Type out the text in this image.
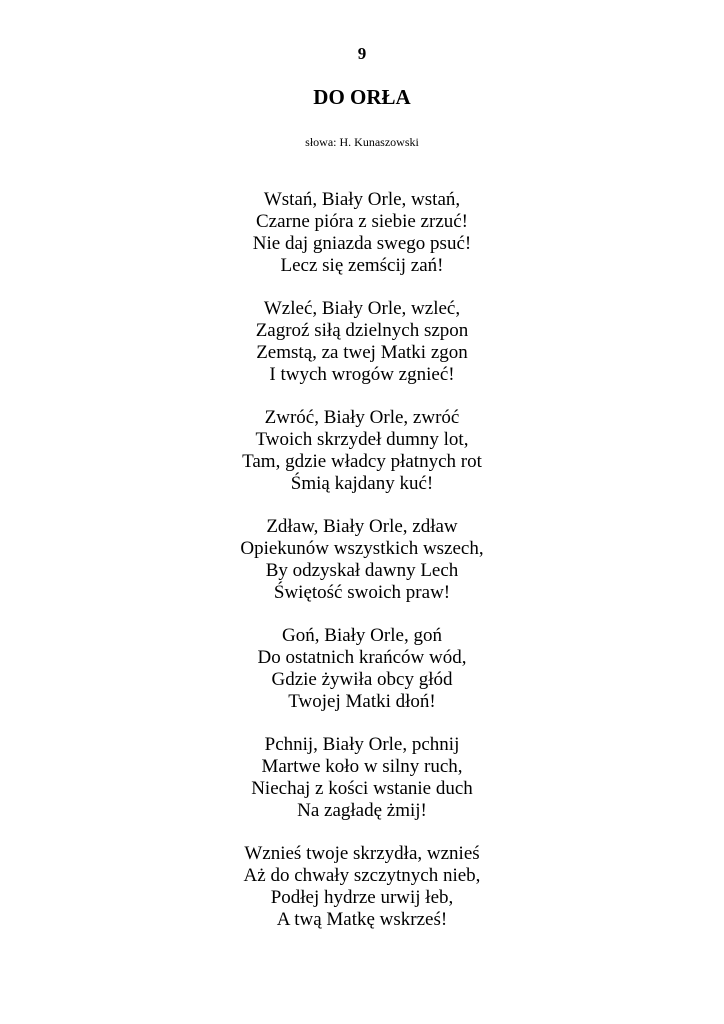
9
DO ORŁA
słowa: H. Kunaszowski
Wstań, Biały Orle, wstań,
Czarne pióra z siebie zrzuć!
Nie daj gniazda swego psuć!
Lecz się zemścij zań!
Wzleć, Biały Orle, wzleć,
Zagroź siłą dzielnych szpon
Zemstą, za twej Matki zgon
I twych wrogów zgnieć!
Zwróć, Biały Orle, zwróć
Twoich skrzydeł dumny lot,
Tam, gdzie władcy płatnych rot
Śmią kajdany kuć!
Zdław, Biały Orle, zdław
Opiekunów wszystkich wszech,
By odzyskał dawny Lech
Świętość swoich praw!
Goń, Biały Orle, goń
Do ostatnich krańców wód,
Gdzie żywiła obcy głód
Twojej Matki dłoń!
Pchnij, Biały Orle, pchnij
Martwe koło w silny ruch,
Niechaj z kości wstanie duch
Na zagładę żmij!
Wznieś twoje skrzydła, wznieś
Aż do chwały szczytnych nieb,
Podłej hydrze urwij łeb,
A twą Matkę wskrześ!
